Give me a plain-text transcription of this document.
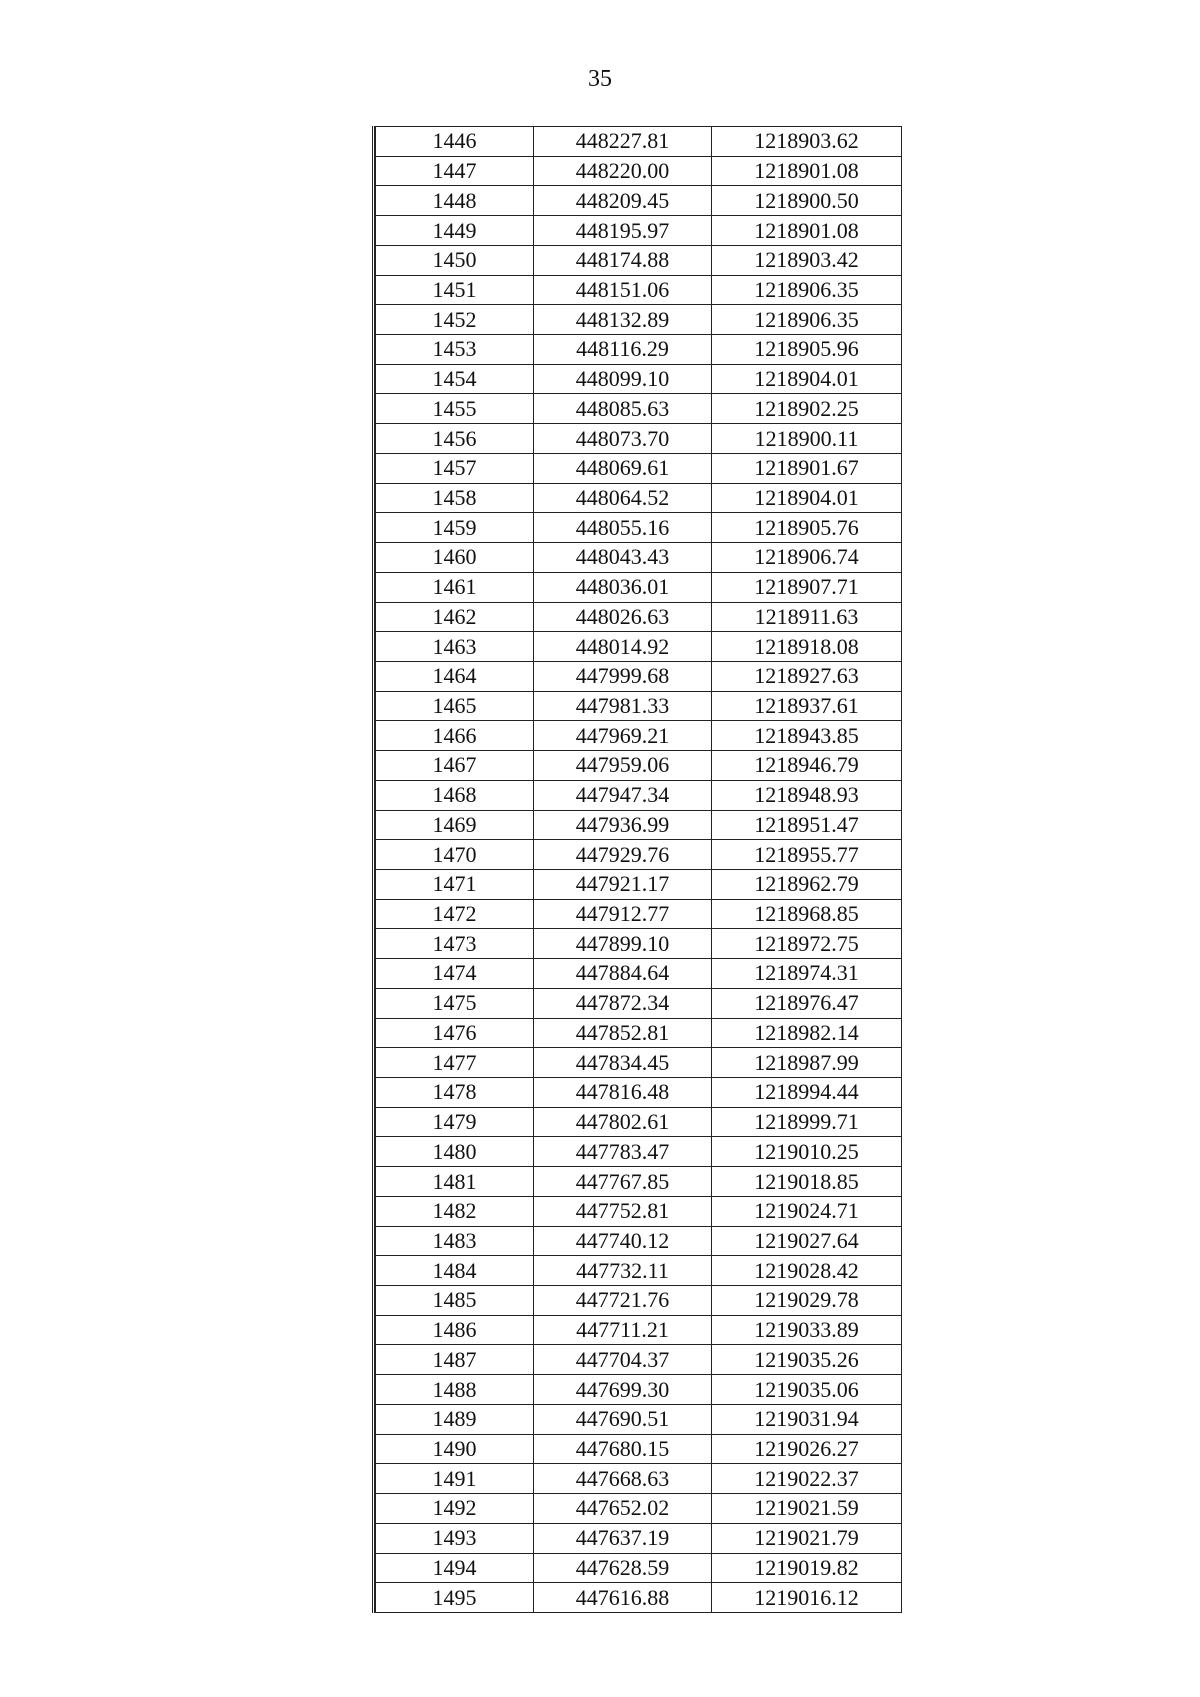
35
1446	448227.81	1218903.62
1447	448220.00	1218901.08
1448	448209.45	1218900.50
1449	448195.97	1218901.08
1450	448174.88	1218903.42
1451	448151.06	1218906.35
1452	448132.89	1218906.35
1453	448116.29	1218905.96
1454	448099.10	1218904.01
1455	448085.63	1218902.25
1456	448073.70	1218900.11
1457	448069.61	1218901.67
1458	448064.52	1218904.01
1459	448055.16	1218905.76
1460	448043.43	1218906.74
1461	448036.01	1218907.71
1462	448026.63	1218911.63
1463	448014.92	1218918.08
1464	447999.68	1218927.63
1465	447981.33	1218937.61
1466	447969.21	1218943.85
1467	447959.06	1218946.79
1468	447947.34	1218948.93
1469	447936.99	1218951.47
1470	447929.76	1218955.77
1471	447921.17	1218962.79
1472	447912.77	1218968.85
1473	447899.10	1218972.75
1474	447884.64	1218974.31
1475	447872.34	1218976.47
1476	447852.81	1218982.14
1477	447834.45	1218987.99
1478	447816.48	1218994.44
1479	447802.61	1218999.71
1480	447783.47	1219010.25
1481	447767.85	1219018.85
1482	447752.81	1219024.71
1483	447740.12	1219027.64
1484	447732.11	1219028.42
1485	447721.76	1219029.78
1486	447711.21	1219033.89
1487	447704.37	1219035.26
1488	447699.30	1219035.06
1489	447690.51	1219031.94
1490	447680.15	1219026.27
1491	447668.63	1219022.37
1492	447652.02	1219021.59
1493	447637.19	1219021.79
1494	447628.59	1219019.82
1495	447616.88	1219016.12
